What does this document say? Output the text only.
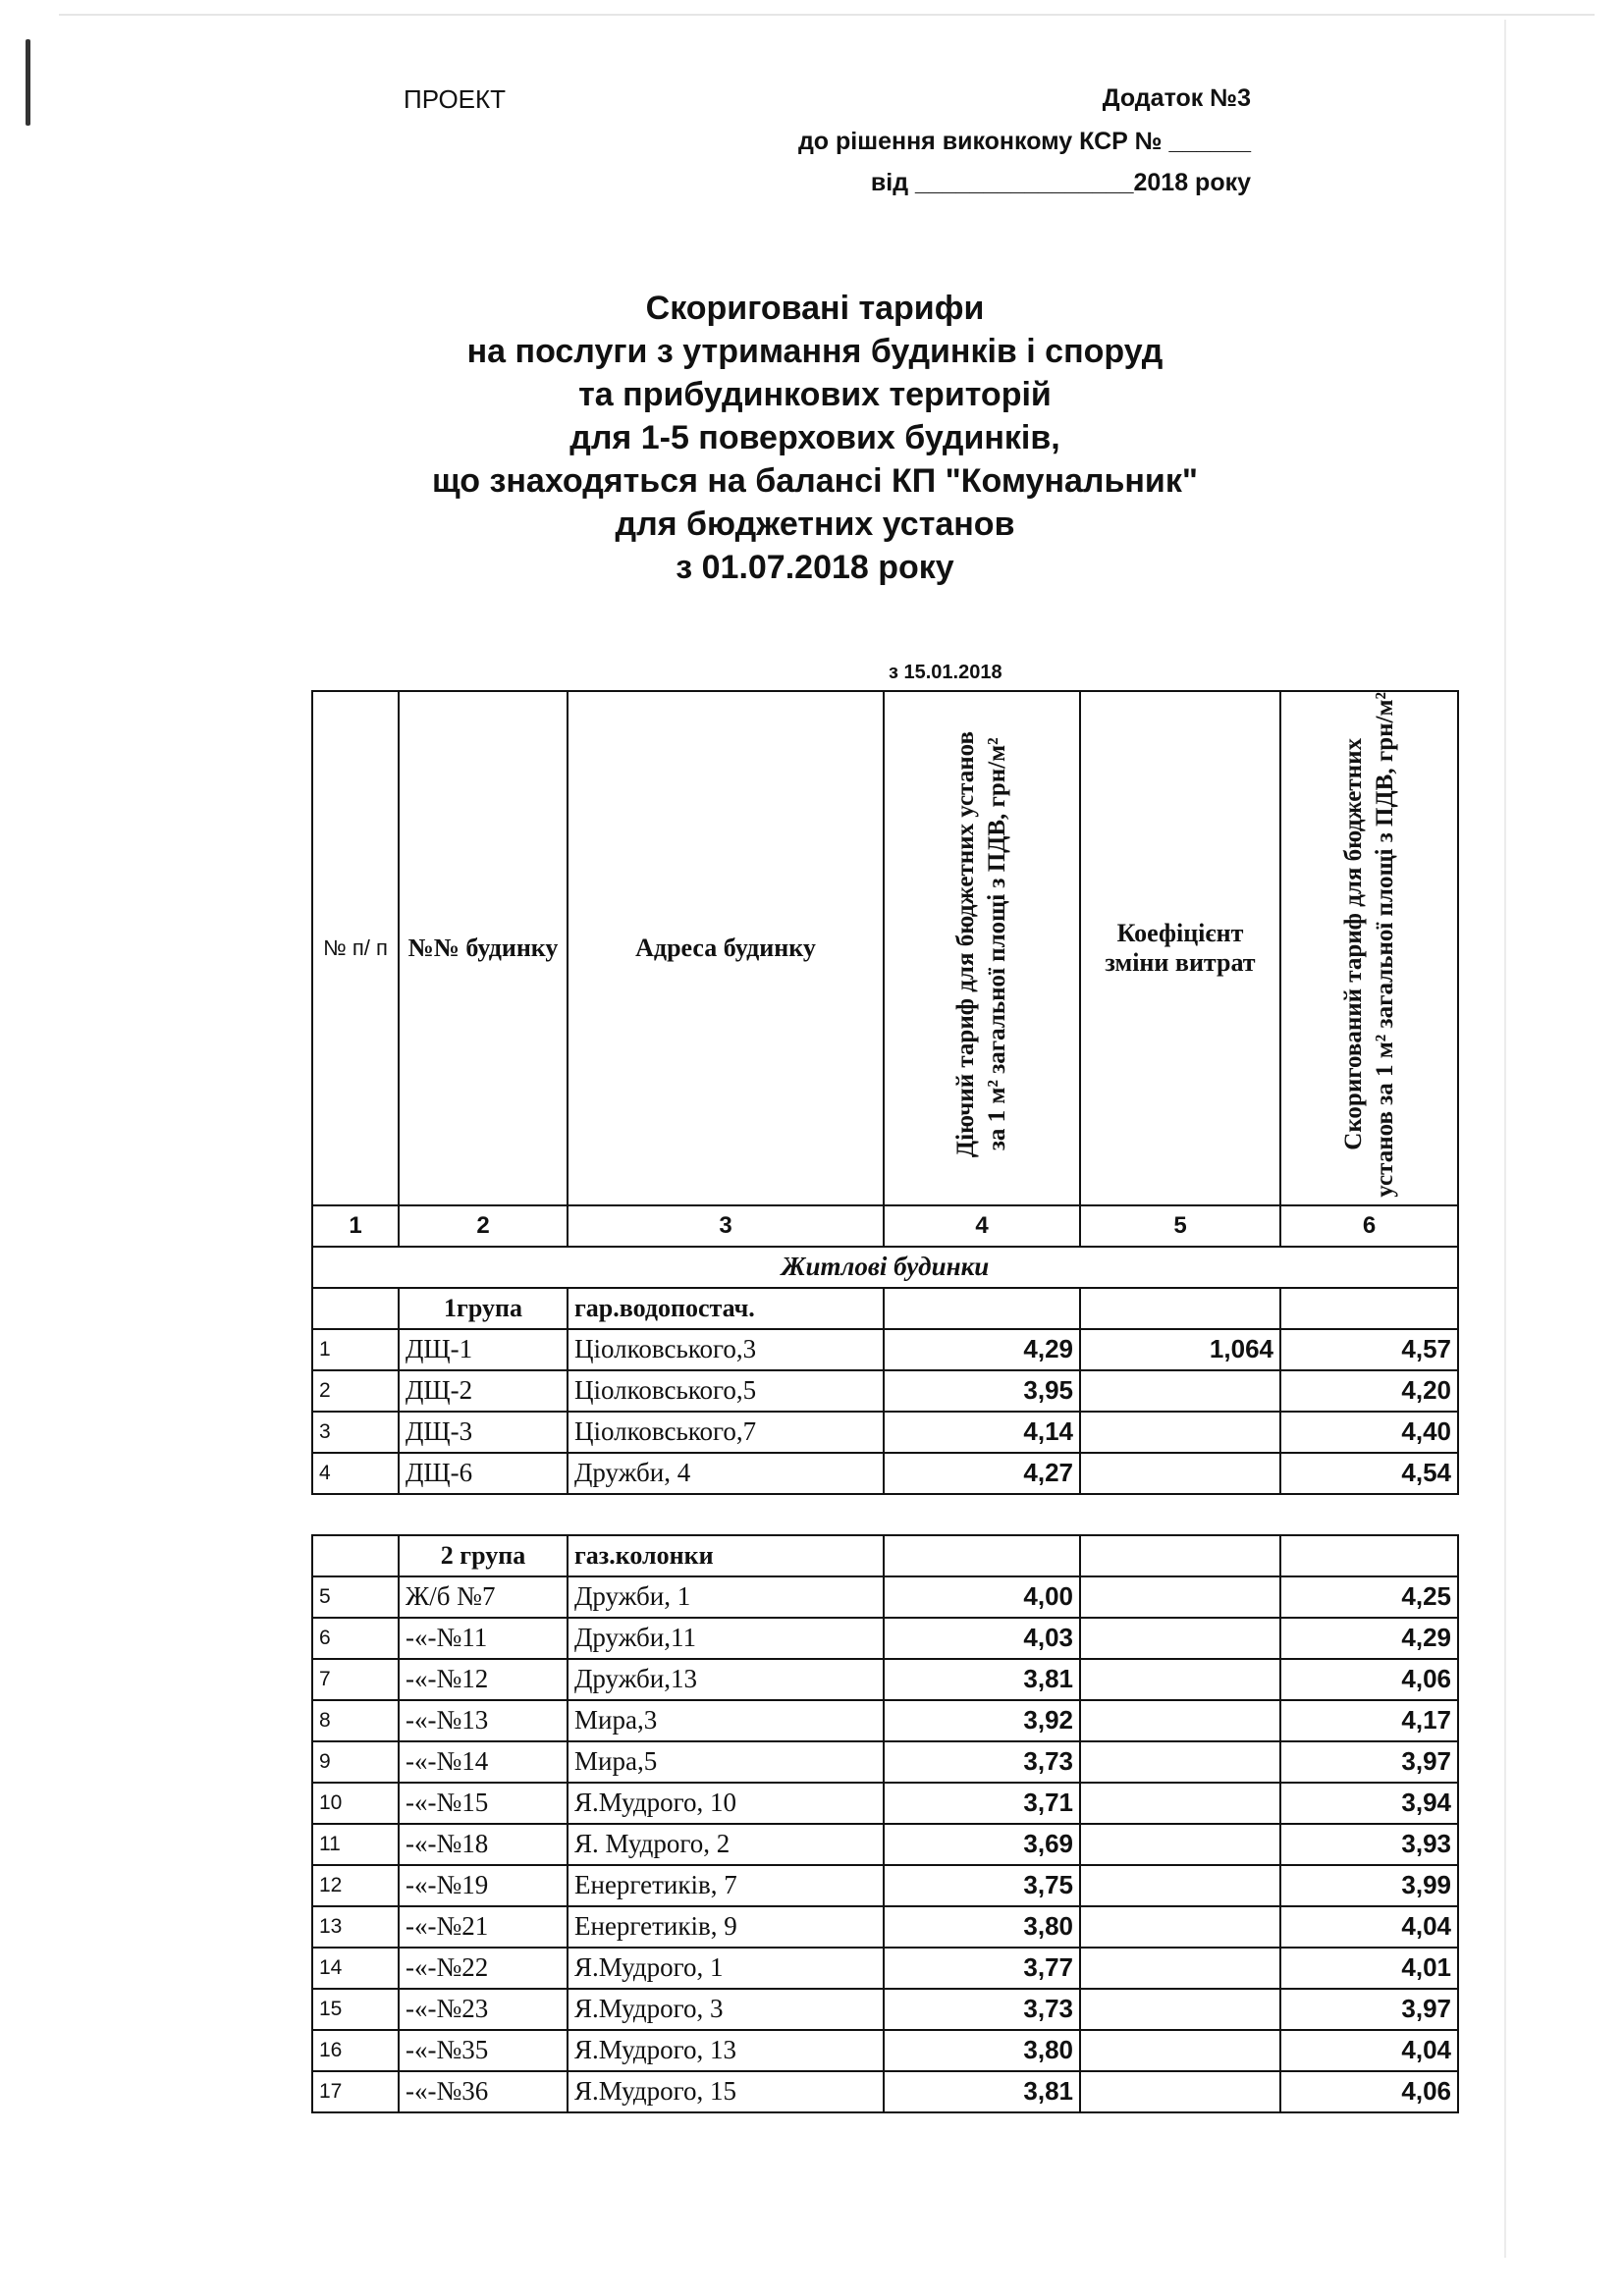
ПРОЕКТ	Додаток №3
до рішення виконкому КСР № ______
від ________________2018 року
Скориговані тарифи
на послуги з утримання будинків і споруд
та прибудинкових територій
для 1-5 поверхових будинків,
що знаходяться на балансі КП "Комунальник"
для бюджетних установ
з 01.07.2018 року
з 15.01.2018
№ п/ п	№№ будинку	Адреса будинку	Діючий тариф для бюджетних установ за 1 м² загальної площі з ПДВ, грн/м²	Коефіцієнт зміни витрат	Скоригований тариф для бюджетних установ за 1 м² загальної площі з ПДВ, грн/м²
1	2	3	4	5	6
Житлові будинки					
	1група	гар.водопостач.			
1	ДЩ-1	Ціолковського,3	4,29	1,064	4,57
2	ДЩ-2	Ціолковського,5	3,95		4,20
3	ДЩ-3	Ціолковського,7	4,14		4,40
4	ДЩ-6	Дружби, 4	4,27		4,54

	2 група	газ.колонки			
5	Ж/б №7	Дружби, 1	4,00		4,25
6	-«-№11	Дружби,11	4,03		4,29
7	-«-№12	Дружби,13	3,81		4,06
8	-«-№13	Мира,3	3,92		4,17
9	-«-№14	Мира,5	3,73		3,97
10	-«-№15	Я.Мудрого, 10	3,71		3,94
11	-«-№18	Я. Мудрого, 2	3,69		3,93
12	-«-№19	Енергетиків, 7	3,75		3,99
13	-«-№21	Енергетиків, 9	3,80		4,04
14	-«-№22	Я.Мудрого, 1	3,77		4,01
15	-«-№23	Я.Мудрого, 3	3,73		3,97
16	-«-№35	Я.Мудрого, 13	3,80		4,04
17	-«-№36	Я.Мудрого, 15	3,81		4,06
